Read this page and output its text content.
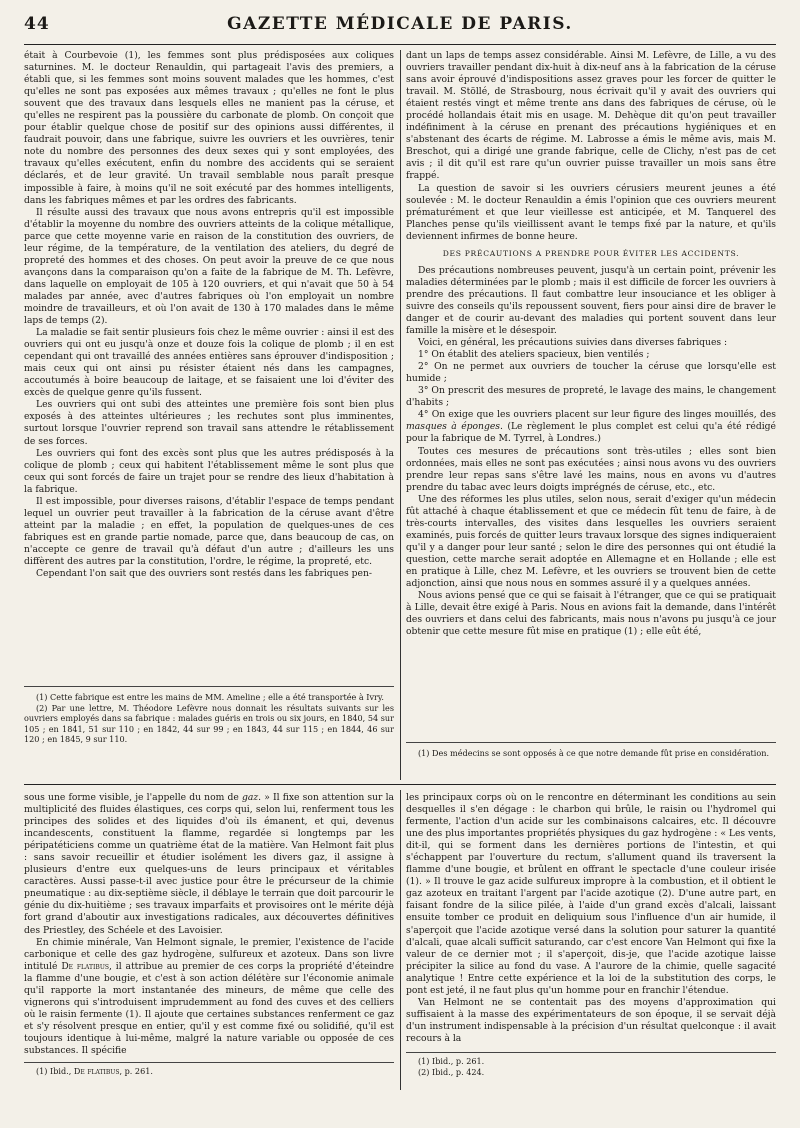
44	GAZETTE MÉDICALE DE PARIS.

était à Courbevoie (1), les femmes sont plus prédisposées aux coliques saturnines. M. le docteur Renauldin, qui partageait l'avis des premiers, a établi que, si les femmes sont moins souvent malades que les hommes, c'est qu'elles ne sont pas exposées aux mêmes travaux ; qu'elles ne font le plus souvent que des travaux dans lesquels elles ne manient pas la céruse, et qu'elles ne respirent pas la poussière du carbonate de plomb. On conçoit que pour établir quelque chose de positif sur des opinions aussi différentes, il faudrait pouvoir, dans une fabrique, suivre les ouvriers et les ouvrières, tenir note du nombre des personnes des deux sexes qui y sont employées, des travaux qu'elles exécutent, enfin du nombre des accidents qui se seraient déclarés, et de leur gravité. Un travail semblable nous paraît presque impossible à faire, à moins qu'il ne soit exécuté par des hommes intelligents, dans les fabriques mêmes et par les ordres des fabricants.

Il résulte aussi des travaux que nous avons entrepris qu'il est impossible d'établir la moyenne du nombre des ouvriers atteints de la colique métallique, parce que cette moyenne varie en raison de la constitution des ouvriers, de leur régime, de la température, de la ventilation des ateliers, du degré de propreté des hommes et des choses. On peut avoir la preuve de ce que nous avançons dans la comparaison qu'on a faite de la fabrique de M. Th. Lefèvre, dans laquelle on employait de 105 à 120 ouvriers, et qui n'avait que 50 à 54 malades par année, avec d'autres fabriques où l'on employait un nombre moindre de travailleurs, et où l'on avait de 130 à 170 malades dans le même laps de temps (2).

La maladie se fait sentir plusieurs fois chez le même ouvrier : ainsi il est des ouvriers qui ont eu jusqu'à onze et douze fois la colique de plomb ; il en est cependant qui ont travaillé des années entières sans éprouver d'indisposition ; mais ceux qui ont ainsi pu résister étaient nés dans les campagnes, accoutumés à boire beaucoup de laitage, et se faisaient une loi d'éviter des excès de quelque genre qu'ils fussent.

Les ouvriers qui ont subi des atteintes une première fois sont bien plus exposés à des atteintes ultérieures ; les rechutes sont plus imminentes, surtout lorsque l'ouvrier reprend son travail sans attendre le rétablissement de ses forces.

Les ouvriers qui font des excès sont plus que les autres prédisposés à la colique de plomb ; ceux qui habitent l'établissement même le sont plus que ceux qui sont forcés de faire un trajet pour se rendre des lieux d'habitation à la fabrique.

Il est impossible, pour diverses raisons, d'établir l'espace de temps pendant lequel un ouvrier peut travailler à la fabrication de la céruse avant d'être atteint par la maladie ; en effet, la population de quelques-unes de ces fabriques est en grande partie nomade, parce que, dans beaucoup de cas, on n'accepte ce genre de travail qu'à défaut d'un autre ; d'ailleurs les uns diffèrent des autres par la constitution, l'ordre, le régime, la propreté, etc.

Cependant l'on sait que des ouvriers sont restés dans les fabriques pen-

(1) Cette fabrique est entre les mains de MM. Ameline ; elle a été transportée à Ivry.

(2) Par une lettre, M. Théodore Lefèvre nous donnait les résultats suivants sur les ouvriers employés dans sa fabrique : malades guéris en trois ou six jours, en 1840, 54 sur 105 ; en 1841, 51 sur 110 ; en 1842, 44 sur 99 ; en 1843, 44 sur 115 ; en 1844, 46 sur 120 ; en 1845, 9 sur 110.

dant un laps de temps assez considérable. Ainsi M. Lefèvre, de Lille, a vu des ouvriers travailler pendant dix-huit à dix-neuf ans à la fabrication de la céruse sans avoir éprouvé d'indispositions assez graves pour les forcer de quitter le travail. M. Stöllé, de Strasbourg, nous écrivait qu'il y avait des ouvriers qui étaient restés vingt et même trente ans dans des fabriques de céruse, où le procédé hollandais était mis en usage. M. Dehèque dit qu'on peut travailler indéfiniment à la céruse en prenant des précautions hygiéniques et en s'abstenant des écarts de régime. M. Labrosse a émis le même avis, mais M. Breschot, qui a dirigé une grande fabrique, celle de Clichy, n'est pas de cet avis ; il dit qu'il est rare qu'un ouvrier puisse travailler un mois sans être frappé.

La question de savoir si les ouvriers cérusiers meurent jeunes a été soulevée : M. le docteur Renauldin a émis l'opinion que ces ouvriers meurent prématurément et que leur vieillesse est anticipée, et M. Tanquerel des Planches pense qu'ils vieillissent avant le temps fixé par la nature, et qu'ils deviennent infirmes de bonne heure.

DES PRÉCAUTIONS A PRENDRE POUR ÉVITER LES ACCIDENTS.

Des précautions nombreuses peuvent, jusqu'à un certain point, prévenir les maladies déterminées par le plomb ; mais il est difficile de forcer les ouvriers à prendre des précautions. Il faut combattre leur insouciance et les obliger à suivre des conseils qu'ils repoussent souvent, fiers pour ainsi dire de braver le danger et de courir au-devant des maladies qui portent souvent dans leur famille la misère et le désespoir.

Voici, en général, les précautions suivies dans diverses fabriques :

1° On établit des ateliers spacieux, bien ventilés ;

2° On ne permet aux ouvriers de toucher la céruse que lorsqu'elle est humide ;

3° On prescrit des mesures de propreté, le lavage des mains, le changement d'habits ;

4° On exige que les ouvriers placent sur leur figure des linges mouillés, des masques à éponges. (Le règlement le plus complet est celui qu'a été rédigé pour la fabrique de M. Tyrrel, à Londres.)

Toutes ces mesures de précautions sont très-utiles ; elles sont bien ordonnées, mais elles ne sont pas exécutées ; ainsi nous avons vu des ouvriers prendre leur repas sans s'être lavé les mains, nous en avons vu d'autres prendre du tabac avec leurs doigts imprégnés de céruse, etc., etc.

Une des réformes les plus utiles, selon nous, serait d'exiger qu'un médecin fût attaché à chaque établissement et que ce médecin fût tenu de faire, à de très-courts intervalles, des visites dans lesquelles les ouvriers seraient examinés, puis forcés de quitter leurs travaux lorsque des signes indiqueraient qu'il y a danger pour leur santé ; selon le dire des personnes qui ont étudié la question, cette marche serait adoptée en Allemagne et en Hollande ; elle est en pratique à Lille, chez M. Lefèvre, et les ouvriers se trouvent bien de cette adjonction, ainsi que nous nous en sommes assuré il y a quelques années.

Nous avions pensé que ce qui se faisait à l'étranger, que ce qui se pratiquait à Lille, devait être exigé à Paris. Nous en avions fait la demande, dans l'intérêt des ouvriers et dans celui des fabricants, mais nous n'avons pu jusqu'à ce jour obtenir que cette mesure fût mise en pratique (1) ; elle eût été,

(1) Des médecins se sont opposés à ce que notre demande fût prise en considération.

sous une forme visible, je l'appelle du nom de gaz. » Il fixe son attention sur la multiplicité des fluides élastiques, ces corps qui, selon lui, renferment tous les principes des solides et des liquides d'où ils émanent, et qui, devenus incandescents, constituent la flamme, regardée si longtemps par les péripatéticiens comme un quatrième état de la matière. Van Helmont fait plus : sans savoir recueillir et étudier isolément les divers gaz, il assigne à plusieurs d'entre eux quelques-uns de leurs principaux et véritables caractères. Aussi passe-t-il avec justice pour être le précurseur de la chimie pneumatique : au dix-septième siècle, il déblaye le terrain que doit parcourir le génie du dix-huitième ; ses travaux imparfaits et provisoires ont le mérite déjà fort grand d'aboutir aux investigations radicales, aux découvertes définitives des Priestley, des Schéele et des Lavoisier.

En chimie minérale, Van Helmont signale, le premier, l'existence de l'acide carbonique et celle des gaz hydrogène, sulfureux et azoteux. Dans son livre intitulé De flatibus, il attribue au premier de ces corps la propriété d'éteindre la flamme d'une bougie, et c'est à son action délétère sur l'économie animale qu'il rapporte la mort instantanée des mineurs, de même que celle des vignerons qui s'introduisent imprudemment au fond des cuves et des celliers où le raisin fermente (1). Il ajoute que certaines substances renferment ce gaz et s'y résolvent presque en entier, qu'il y est comme fixé ou solidifié, qu'il est toujours identique à lui-même, malgré la nature variable ou opposée de ces substances. Il spécifie

(1) Ibid., De flatibus, p. 261.

les principaux corps où on le rencontre en déterminant les conditions au sein desquelles il s'en dégage : le charbon qui brûle, le raisin ou l'hydromel qui fermente, l'action d'un acide sur les combinaisons calcaires, etc. Il découvre une des plus importantes propriétés physiques du gaz hydrogène : « Les vents, dit-il, qui se forment dans les dernières portions de l'intestin, et qui s'échappent par l'ouverture du rectum, s'allument quand ils traversent la flamme d'une bougie, et brûlent en offrant le spectacle d'une couleur irisée (1). » Il trouve le gaz acide sulfureux impropre à la combustion, et il obtient le gaz azoteux en traitant l'argent par l'acide azotique (2). D'une autre part, en faisant fondre de la silice pilée, à l'aide d'un grand excès d'alcali, laissant ensuite tomber ce produit en deliquium sous l'influence d'un air humide, il s'aperçoit que l'acide azotique versé dans la solution pour saturer la quantité d'alcali, quae alcali sufficit saturando, car c'est encore Van Helmont qui fixe la valeur de ce dernier mot ; il s'aperçoit, dis-je, que l'acide azotique laisse précipiter la silice au fond du vase. A l'aurore de la chimie, quelle sagacité analytique ! Entre cette expérience et la loi de la substitution des corps, le pont est jeté, il ne faut plus qu'un homme pour en franchir l'étendue.

Van Helmont ne se contentait pas des moyens d'approximation qui suffisaient à la masse des expérimentateurs de son époque, il se servait déjà d'un instrument indispensable à la précision d'un résultat quelconque : il avait recours à la

(1) Ibid., p. 261.

(2) Ibid., p. 424.
